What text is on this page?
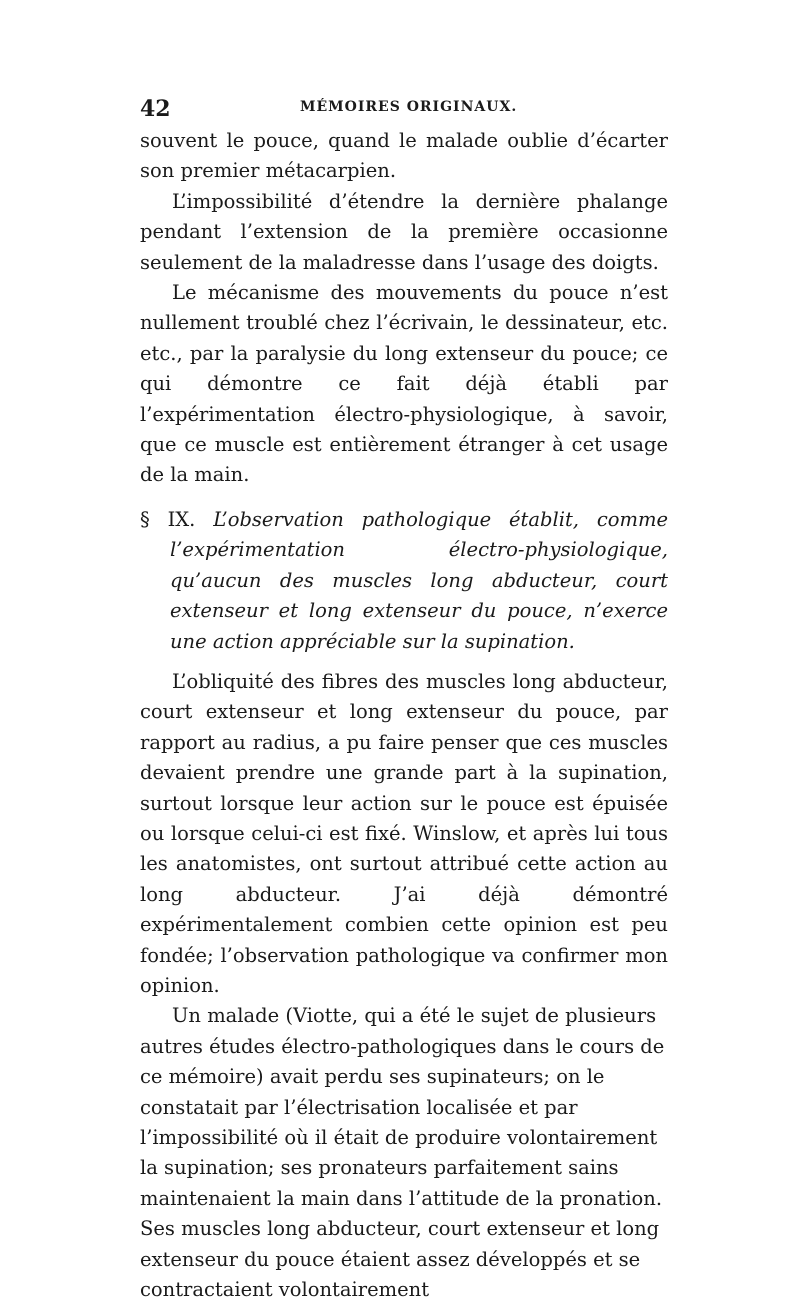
42	MÉMOIRES ORIGINAUX.

souvent le pouce, quand le malade oublie d’écarter son premier métacarpien.

L’impossibilité d’étendre la dernière phalange pendant l’extension de la première occasionne seulement de la maladresse dans l’usage des doigts.

Le mécanisme des mouvements du pouce n’est nullement troublé chez l’écrivain, le dessinateur, etc. etc., par la paralysie du long extenseur du pouce; ce qui démontre ce fait déjà établi par l’expérimentation électro-physiologique, à savoir, que ce muscle est entièrement étranger à cet usage de la main.

§ IX. L’observation pathologique établit, comme l’expérimentation électro-physiologique, qu’aucun des muscles long abducteur, court extenseur et long extenseur du pouce, n’exerce une action appréciable sur la supination.

L’obliquité des fibres des muscles long abducteur, court extenseur et long extenseur du pouce, par rapport au radius, a pu faire penser que ces muscles devaient prendre une grande part à la supination, surtout lorsque leur action sur le pouce est épuisée ou lorsque celui-ci est fixé. Winslow, et après lui tous les anatomistes, ont surtout attribué cette action au long abducteur. J’ai déjà démontré expérimentalement combien cette opinion est peu fondée; l’observation pathologique va confirmer mon opinion.

Un malade (Viotte, qui a été le sujet de plusieurs autres études électro-pathologiques dans le cours de ce mémoire) avait perdu ses supinateurs; on le constatait par l’électrisation localisée et par l’impossibilité où il était de produire volontairement la supination; ses pronateurs parfaitement sains maintenaient la main dans l’attitude de la pronation. Ses muscles long abducteur, court extenseur et long extenseur du pouce étaient assez développés et se contractaient volontairement
